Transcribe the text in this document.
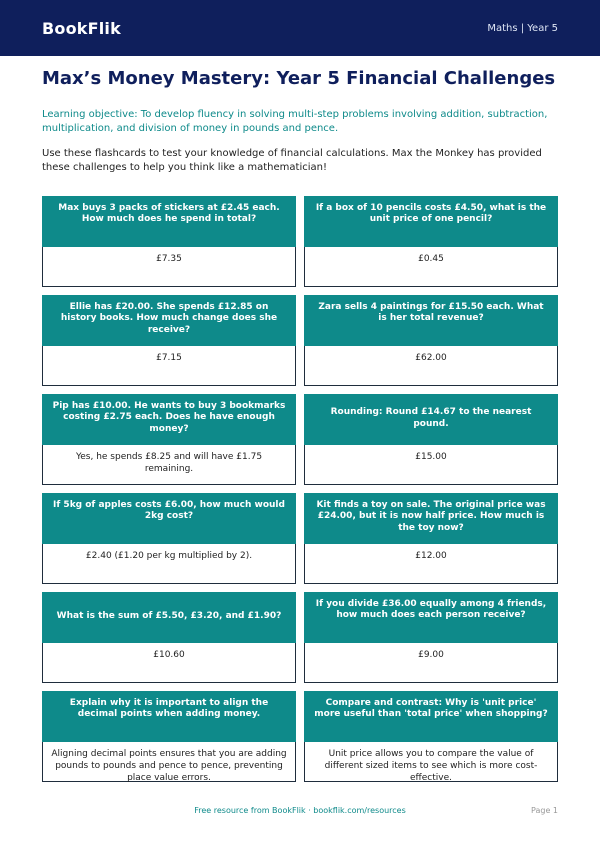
BookFlik	Maths | Year 5
Max’s Money Mastery: Year 5 Financial Challenges

Learning objective: To develop fluency in solving multi-step problems involving addition, subtraction, multiplication, and division of money in pounds and pence.

Use these flashcards to test your knowledge of financial calculations. Max the Monkey has provided these challenges to help you think like a mathematician!

Max buys 3 packs of stickers at £2.45 each. How much does he spend in total?
£7.35
If a box of 10 pencils costs £4.50, what is the unit price of one pencil?
£0.45
Ellie has £20.00. She spends £12.85 on history books. How much change does she receive?
£7.15
Zara sells 4 paintings for £15.50 each. What is her total revenue?
£62.00
Pip has £10.00. He wants to buy 3 bookmarks costing £2.75 each. Does he have enough money?
Yes, he spends £8.25 and will have £1.75 remaining.
Rounding: Round £14.67 to the nearest pound.
£15.00
If 5kg of apples costs £6.00, how much would 2kg cost?
£2.40 (£1.20 per kg multiplied by 2).
Kit finds a toy on sale. The original price was £24.00, but it is now half price. How much is the toy now?
£12.00
What is the sum of £5.50, £3.20, and £1.90?
£10.60
If you divide £36.00 equally among 4 friends, how much does each person receive?
£9.00
Explain why it is important to align the decimal points when adding money.
Aligning decimal points ensures that you are adding pounds to pounds and pence to pence, preventing place value errors.
Compare and contrast: Why is 'unit price' more useful than 'total price' when shopping?
Unit price allows you to compare the value of different sized items to see which is more cost-effective.
Free resource from BookFlik · bookflik.com/resources	Page 1
